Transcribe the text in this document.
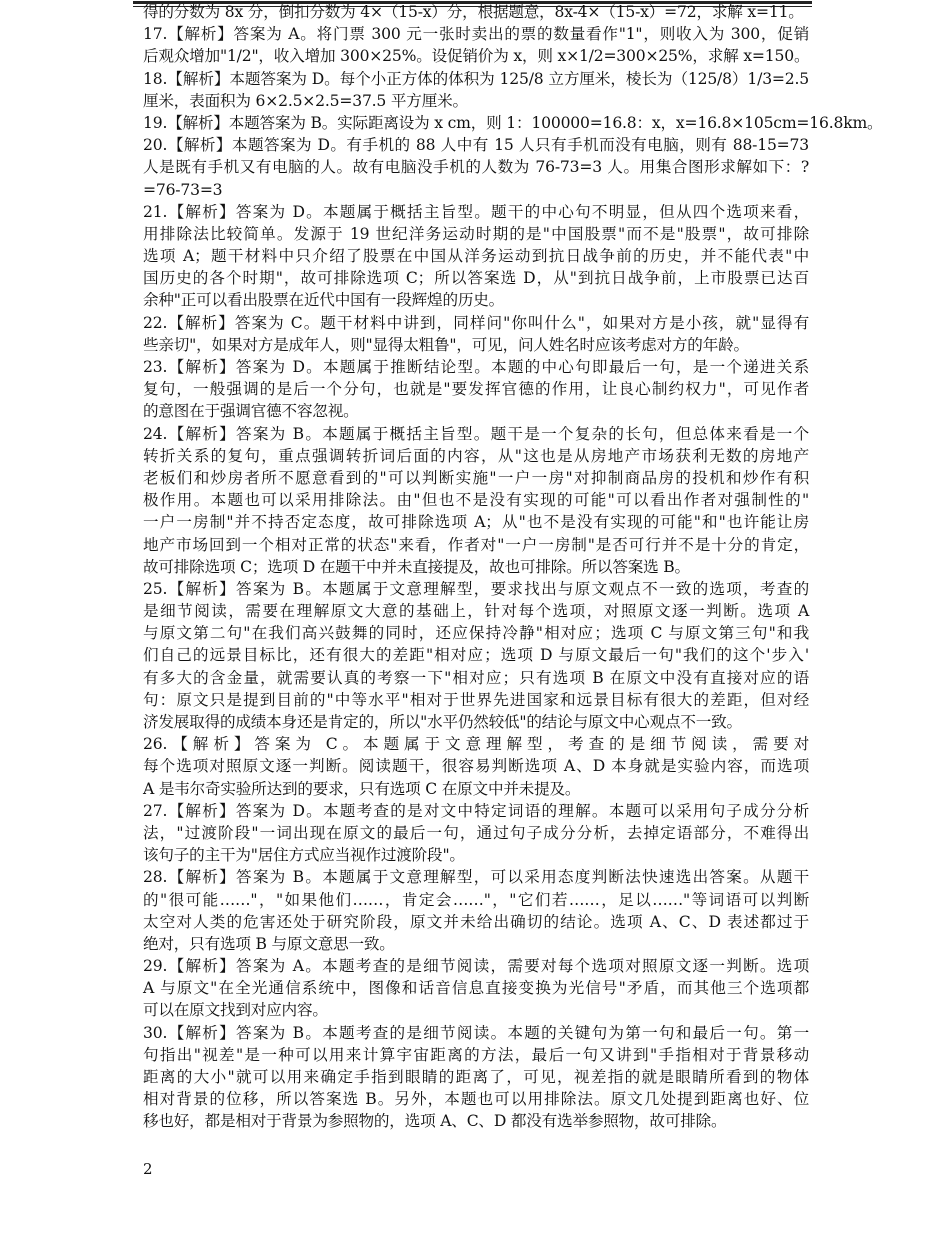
得的分数为 8x 分，倒扣分数为 4×（15-x）分，根据题意，8x-4×（15-x）=72，求解 x=11。
17.【解析】答案为 A。将门票 300 元一张时卖出的票的数量看作"1"，则收入为 300，促销
后观众增加"1/2"，收入增加 300×25%。设促销价为 x，则 x×1/2=300×25%，求解 x=150。
18.【解析】本题答案为 D。每个小正方体的体积为 125/8 立方厘米，棱长为（125/8）1/3=2.5
厘米，表面积为 6×2.5×2.5=37.5 平方厘米。
19.【解析】本题答案为 B。实际距离设为 x cm，则 1：100000=16.8：x，x=16.8×105cm=16.8km。
20.【解析】本题答案为 D。有手机的 88 人中有 15 人只有手机而没有电脑，则有 88-15=73
人是既有手机又有电脑的人。故有电脑没手机的人数为 76-73=3 人。用集合图形求解如下：?
=76-73=3
21.【解析】答案为 D。本题属于概括主旨型。题干的中心句不明显，但从四个选项来看，
用排除法比较简单。发源于 19 世纪洋务运动时期的是"中国股票"而不是"股票"，故可排除
选项 A；题干材料中只介绍了股票在中国从洋务运动到抗日战争前的历史，并不能代表"中
国历史的各个时期"，故可排除选项 C；所以答案选 D，从"到抗日战争前，上市股票已达百
余种"正可以看出股票在近代中国有一段辉煌的历史。
22.【解析】答案为 C。题干材料中讲到，同样问"你叫什么"，如果对方是小孩，就"显得有
些亲切"，如果对方是成年人，则"显得太粗鲁"，可见，问人姓名时应该考虑对方的年龄。
23.【解析】答案为 D。本题属于推断结论型。本题的中心句即最后一句，是一个递进关系
复句，一般强调的是后一个分句，也就是"要发挥官德的作用，让良心制约权力"，可见作者
的意图在于强调官德不容忽视。
24.【解析】答案为 B。本题属于概括主旨型。题干是一个复杂的长句，但总体来看是一个
转折关系的复句，重点强调转折词后面的内容，从"这也是从房地产市场获利无数的房地产
老板们和炒房者所不愿意看到的"可以判断实施"一户一房"对抑制商品房的投机和炒作有积
极作用。本题也可以采用排除法。由"但也不是没有实现的可能"可以看出作者对强制性的"
一户一房制"并不持否定态度，故可排除选项 A；从"也不是没有实现的可能"和"也许能让房
地产市场回到一个相对正常的状态"来看，作者对"一户一房制"是否可行并不是十分的肯定，
故可排除选项 C；选项 D 在题干中并未直接提及，故也可排除。所以答案选 B。
25.【解析】答案为 B。本题属于文意理解型，要求找出与原文观点不一致的选项，考查的
是细节阅读，需要在理解原文大意的基础上，针对每个选项，对照原文逐一判断。选项 A
与原文第二句"在我们高兴鼓舞的同时，还应保持冷静"相对应；选项 C 与原文第三句"和我
们自己的远景目标比，还有很大的差距"相对应；选项 D 与原文最后一句"我们的这个'步入'
有多大的含金量，就需要认真的考察一下"相对应；只有选项 B 在原文中没有直接对应的语
句：原文只是提到目前的"中等水平"相对于世界先进国家和远景目标有很大的差距，但对经
济发展取得的成绩本身还是肯定的，所以"水平仍然较低"的结论与原文中心观点不一致。
26.【解析】答案为 C。本题属于文意理解型，考查的是细节阅读，需要对
每个选项对照原文逐一判断。阅读题干，很容易判断选项 A、D 本身就是实验内容，而选项
A 是韦尔奇实验所达到的要求，只有选项 C 在原文中并未提及。
27.【解析】答案为 D。本题考查的是对文中特定词语的理解。本题可以采用句子成分分析
法，"过渡阶段"一词出现在原文的最后一句，通过句子成分分析，去掉定语部分，不难得出
该句子的主干为"居住方式应当视作过渡阶段"。
28.【解析】答案为 B。本题属于文意理解型，可以采用态度判断法快速选出答案。从题干
的"很可能……"，"如果他们……，肯定会……"，"它们若……，足以……"等词语可以判断
太空对人类的危害还处于研究阶段，原文并未给出确切的结论。选项 A、C、D 表述都过于
绝对，只有选项 B 与原文意思一致。
29.【解析】答案为 A。本题考查的是细节阅读，需要对每个选项对照原文逐一判断。选项
A 与原文"在全光通信系统中，图像和话音信息直接变换为光信号"矛盾，而其他三个选项都
可以在原文找到对应内容。
30.【解析】答案为 B。本题考查的是细节阅读。本题的关键句为第一句和最后一句。第一
句指出"视差"是一种可以用来计算宇宙距离的方法，最后一句又讲到"手指相对于背景移动
距离的大小"就可以用来确定手指到眼睛的距离了，可见，视差指的就是眼睛所看到的物体
相对背景的位移，所以答案选 B。另外，本题也可以用排除法。原文几处提到距离也好、位
移也好，都是相对于背景为参照物的，选项 A、C、D 都没有选举参照物，故可排除。
2
